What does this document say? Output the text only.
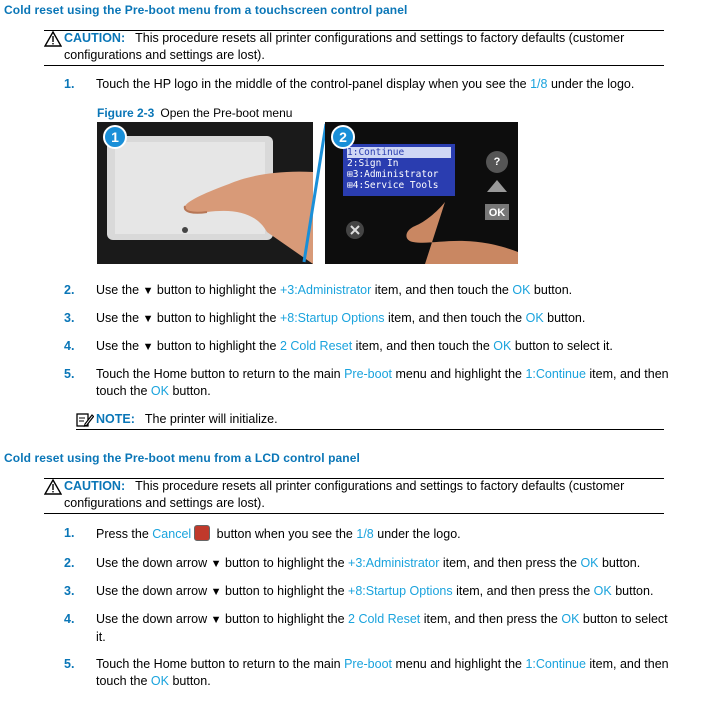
Cold reset using the Pre-boot menu from a touchscreen control panel
CAUTION: This procedure resets all printer configurations and settings to factory defaults (customer configurations and settings are lost).
1.	Touch the HP logo in the middle of the control-panel display when you see the 1/8 under the logo.
Figure 2-3 Open the Pre-boot menu
1
1:Continue
2:Sign In
⊞3:Administrator
⊞4:Service Tools
?
OK
2
2.	Use the ▼ button to highlight the +3:Administrator item, and then touch the OK button.
3.	Use the ▼ button to highlight the +8:Startup Options item, and then touch the OK button.
4.	Use the ▼ button to highlight the 2 Cold Reset item, and then touch the OK button to select it.
5.	Touch the Home button to return to the main Pre-boot menu and highlight the 1:Continue item, and then touch the OK button.
NOTE: The printer will initialize.
Cold reset using the Pre-boot menu from a LCD control panel
CAUTION: This procedure resets all printer configurations and settings to factory defaults (customer configurations and settings are lost).
1.	Press the Cancel button when you see the 1/8 under the logo.
2.	Use the down arrow ▼ button to highlight the +3:Administrator item, and then press the OK button.
3.	Use the down arrow ▼ button to highlight the +8:Startup Options item, and then press the OK button.
4.	Use the down arrow ▼ button to highlight the 2 Cold Reset item, and then press the OK button to select it.
5.	Touch the Home button to return to the main Pre-boot menu and highlight the 1:Continue item, and then touch the OK button.
